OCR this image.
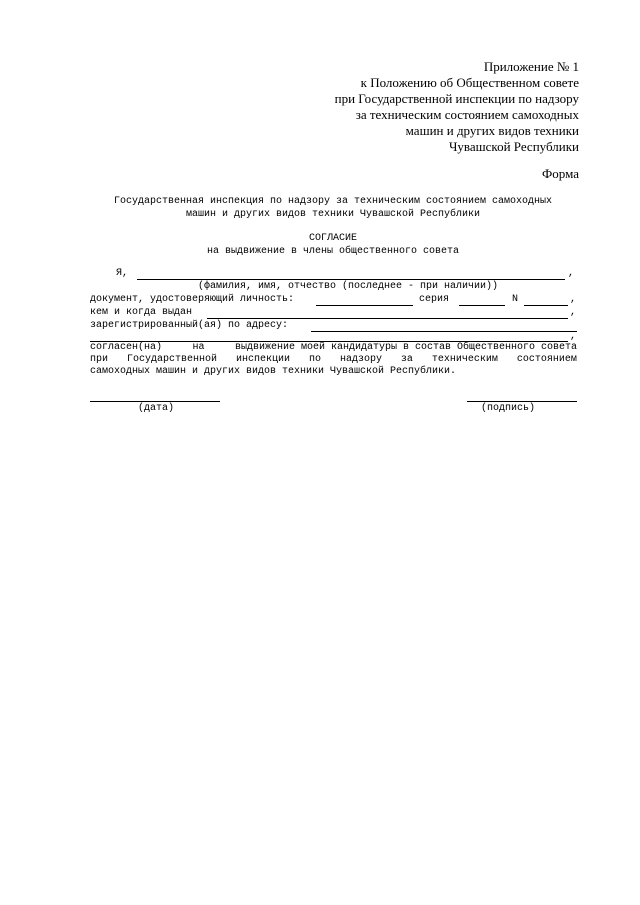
Приложение № 1
к Положению об Общественном совете
при Государственной инспекции по надзору
за техническим состоянием самоходных
машин и других видов техники
Чувашской Республики
Форма
Государственная инспекция по надзору за техническим состоянием самоходных
машин и других видов техники Чувашской Республики
СОГЛАСИЕ
на выдвижение в члены общественного совета
Я,	,
(фамилия, имя, отчество (последнее - при наличии))
документ, удостоверяющий личность:	серия	N	,
кем и когда выдан	,
зарегистрированный(ая) по адресу:
,
согласен(на)	на	выдвижение моей кандидатуры в состав Общественного совета
при Государственной инспекции по надзору за техническим состоянием
самоходных машин и других видов техники Чувашской Республики.
(дата)	(подпись)
